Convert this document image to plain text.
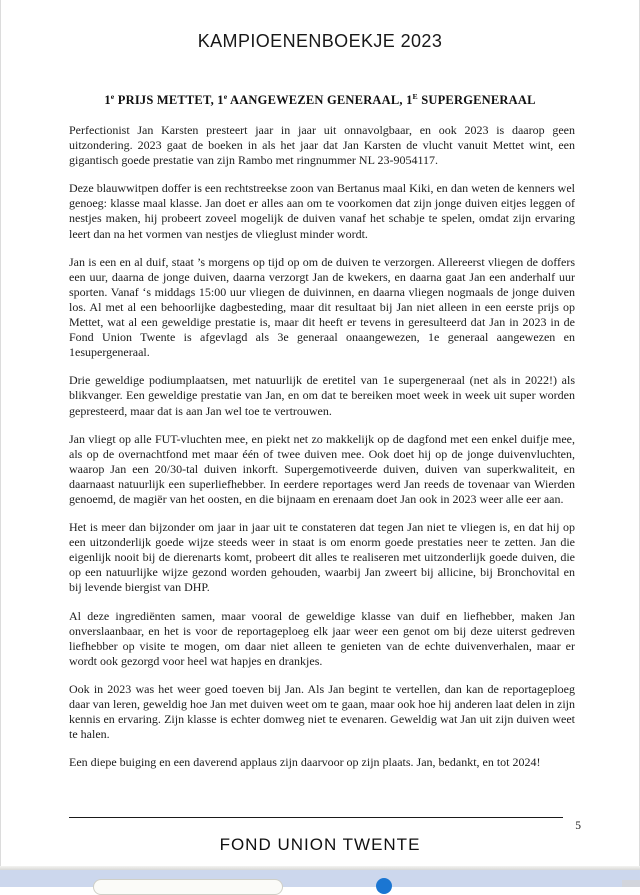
KAMPIOENENBOEKJE 2023
1e PRIJS METTET, 1e AANGEWEZEN GENERAAL, $1^E$ SUPERGENERAAL

Perfectionist Jan Karsten presteert jaar in jaar uit onnavolgbaar, en ook 2023 is daarop geen uitzondering. 2023 gaat de boeken in als het jaar dat Jan Karsten de vlucht vanuit Mettet wint, een gigantisch goede prestatie van zijn Rambo met ringnummer NL 23-9054117.

Deze blauwwitpen doffer is een rechtstreekse zoon van Bertanus maal Kiki, en dan weten de kenners wel genoeg: klasse maal klasse. Jan doet er alles aan om te voorkomen dat zijn jonge duiven eitjes leggen of nestjes maken, hij probeert zoveel mogelijk de duiven vanaf het schabje te spelen, omdat zijn ervaring leert dan na het vormen van nestjes de vlieglust minder wordt.

Jan is een en al duif, staat ’s morgens op tijd op om de duiven te verzorgen. Allereerst vliegen de doffers een uur, daarna de jonge duiven, daarna verzorgt Jan de kwekers, en daarna gaat Jan een anderhalf uur sporten. Vanaf ‘s middags 15:00 uur vliegen de duivinnen, en daarna vliegen nogmaals de jonge duiven los. Al met al een behoorlijke dagbesteding, maar dit resultaat bij Jan niet alleen in een eerste prijs op Mettet, wat al een geweldige prestatie is, maar dit heeft er tevens in geresulteerd dat Jan in 2023 in de Fond Union Twente is afgevlagd als 3e generaal onaangewezen, 1e generaal aangewezen en 1esupergeneraal.

Drie geweldige podiumplaatsen, met natuurlijk de eretitel van 1e supergeneraal (net als in 2022!) als blikvanger. Een geweldige prestatie van Jan, en om dat te bereiken moet week in week uit super worden gepresteerd, maar dat is aan Jan wel toe te vertrouwen.

Jan vliegt op alle FUT-vluchten mee, en piekt net zo makkelijk op de dagfond met een enkel duifje mee, als op de overnachtfond met maar één of twee duiven mee. Ook doet hij op de jonge duivenvluchten, waarop Jan een 20/30-tal duiven inkorft. Supergemotiveerde duiven, duiven van superkwaliteit, en daarnaast natuurlijk een superliefhebber. In eerdere reportages werd Jan reeds de tovenaar van Wierden genoemd, de magiër van het oosten, en die bijnaam en erenaam doet Jan ook in 2023 weer alle eer aan.

Het is meer dan bijzonder om jaar in jaar uit te constateren dat tegen Jan niet te vliegen is, en dat hij op een uitzonderlijk goede wijze steeds weer in staat is om enorm goede prestaties neer te zetten. Jan die eigenlijk nooit bij de dierenarts komt, probeert dit alles te realiseren met uitzonderlijk goede duiven, die op een natuurlijke wijze gezond worden gehouden, waarbij Jan zweert bij allicine, bij Bronchovital en bij levende biergist van DHP.

Al deze ingrediënten samen, maar vooral de geweldige klasse van duif en liefhebber, maken Jan onverslaanbaar, en het is voor de reportageploeg elk jaar weer een genot om bij deze uiterst gedreven liefhebber op visite te mogen, om daar niet alleen te genieten van de echte duivenverhalen, maar er wordt ook gezorgd voor heel wat hapjes en drankjes.

Ook in 2023 was het weer goed toeven bij Jan. Als Jan begint te vertellen, dan kan de reportageploeg daar van leren, geweldig hoe Jan met duiven weet om te gaan, maar ook hoe hij anderen laat delen in zijn kennis en ervaring. Zijn klasse is echter domweg niet te evenaren. Geweldig wat Jan uit zijn duiven weet te halen.

Een diepe buiging en een daverend applaus zijn daarvoor op zijn plaats. Jan, bedankt, en tot 2024!

5
FOND UNION TWENTE
